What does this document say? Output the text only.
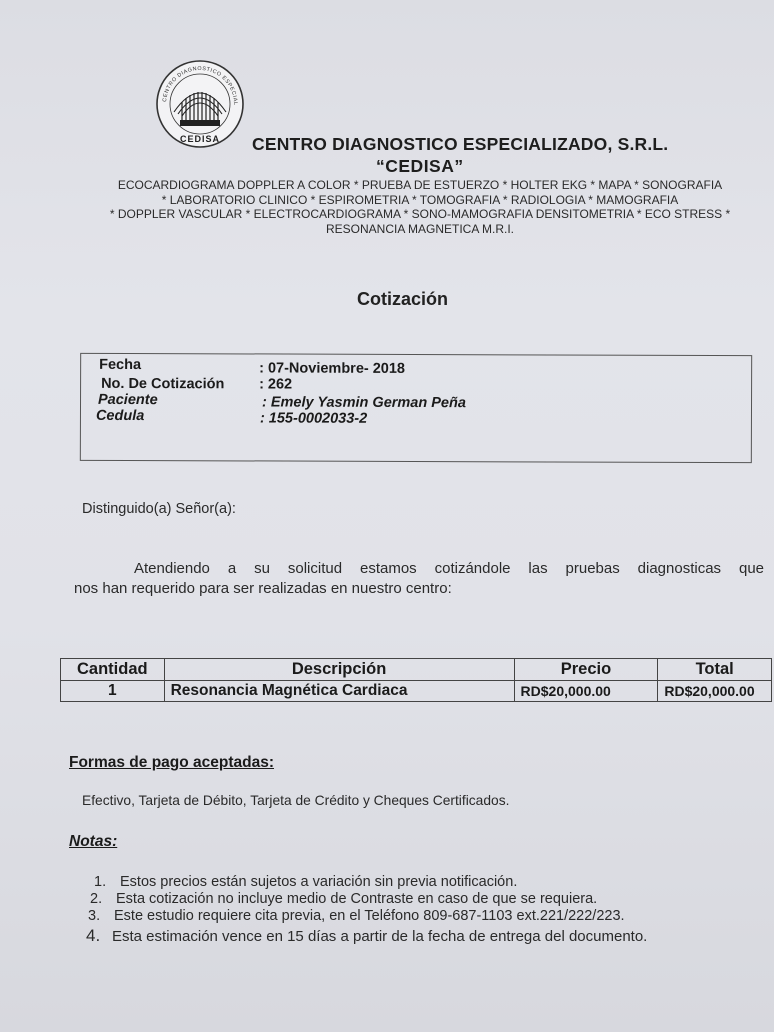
CENTRO DIAGNOSTICO ESPECIAL
CEDISA CENTRO DIAGNOSTICO ESPECIALIZADO, S.R.L.
“CEDISA”
ECOCARDIOGRAMA DOPPLER A COLOR * PRUEBA DE ESTUERZO * HOLTER EKG * MAPA * SONOGRAFIA
* LABORATORIO CLINICO * ESPIROMETRIA * TOMOGRAFIA * RADIOLOGIA * MAMOGRAFIA
* DOPPLER VASCULAR * ELECTROCARDIOGRAMA * SONO-MAMOGRAFIA DENSITOMETRIA * ECO STRESS *
RESONANCIA MAGNETICA M.R.I.
Cotización
Fecha	: 07-Noviembre- 2018
No. De Cotización : 262
Paciente	: Emely Yasmin German Peña
Cedula	: 155-0002033-2
Distinguido(a) Señor(a):
Atendiendo a su solicitud estamos cotizándole las pruebas diagnosticas que
nos han requerido para ser realizadas en nuestro centro:
Cantidad	Descripción	Precio	Total
1	Resonancia Magnética Cardiaca	RD$20,000.00	RD$20,000.00
Formas de pago aceptadas:
Efectivo, Tarjeta de Débito, Tarjeta de Crédito y Cheques Certificados.
Notas:
1. Estos precios están sujetos a variación sin previa notificación.
2. Esta cotización no incluye medio de Contraste en caso de que se requiera.
3. Este estudio requiere cita previa, en el Teléfono 809-687-1103 ext.221/222/223.
4. Esta estimación vence en 15 días a partir de la fecha de entrega del documento.
